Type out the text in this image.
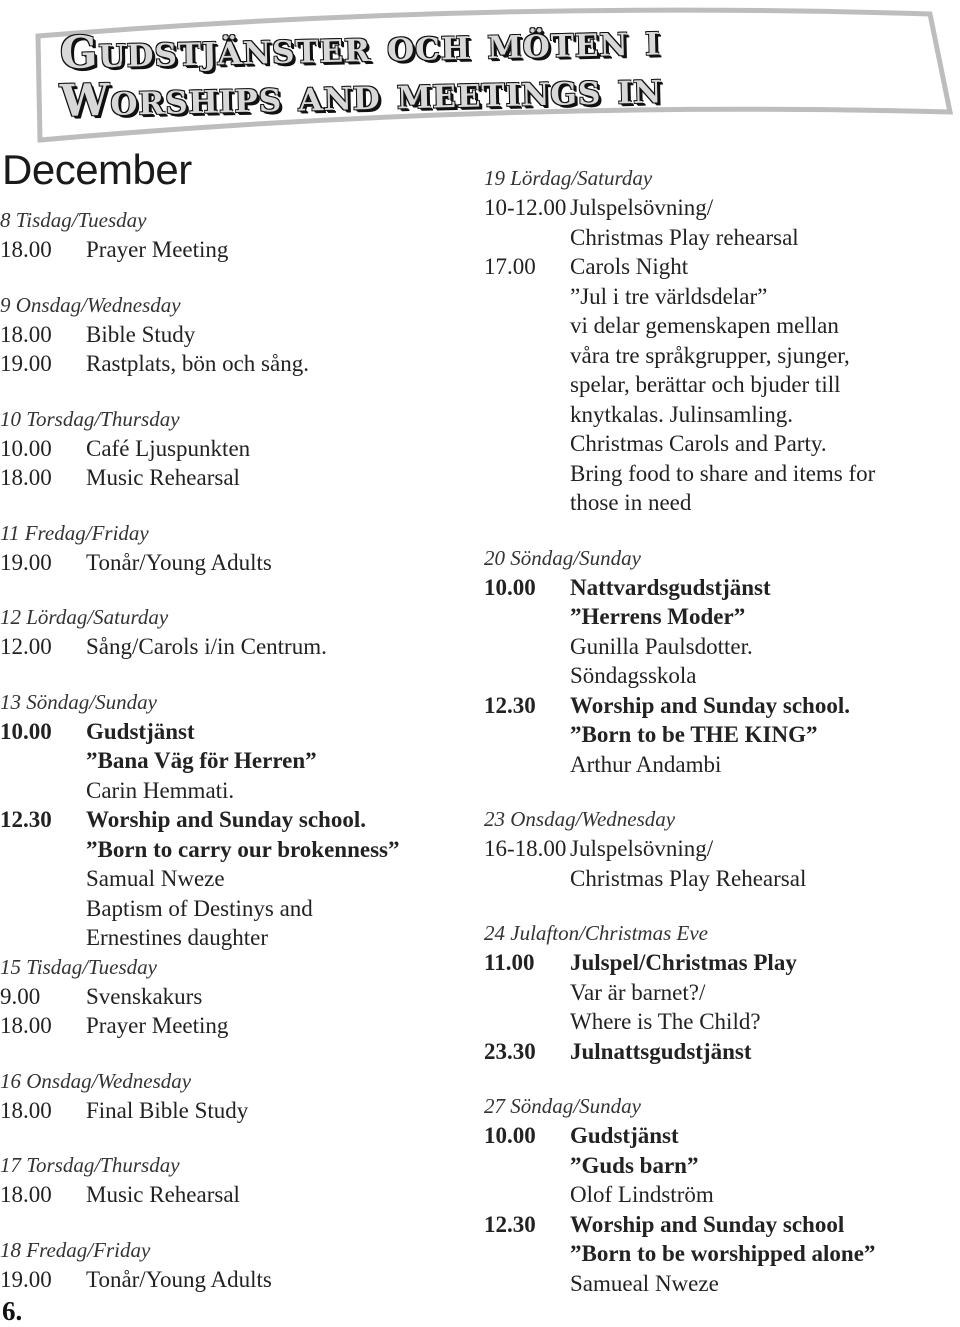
Gudstjänster och möten i
Worships and meetings in
December
8 Tisdag/Tuesday
18.00	Prayer Meeting
9 Onsdag/Wednesday
18.00	Bible Study
19.00	Rastplats, bön och sång.
10 Torsdag/Thursday
10.00	Café Ljuspunkten
18.00	Music Rehearsal
11 Fredag/Friday
19.00	Tonår/Young Adults
12 Lördag/Saturday
12.00	Sång/Carols i/in Centrum.
13 Söndag/Sunday
10.00	Gudstjänst
”Bana Väg för Herren”
Carin Hemmati.
12.30	Worship and Sunday school.
”Born to carry our brokenness”
Samual Nweze
Baptism of Destinys and
Ernestines daughter
15 Tisdag/Tuesday
9.00	Svenskakurs
18.00	Prayer Meeting
16 Onsdag/Wednesday
18.00	Final Bible Study
17 Torsdag/Thursday
18.00	Music Rehearsal
18 Fredag/Friday
19.00	Tonår/Young Adults
19 Lördag/Saturday
10-12.00 Julspelsövning/
Christmas Play rehearsal
17.00	Carols Night
”Jul i tre världsdelar”
vi delar gemenskapen mellan
våra tre språkgrupper, sjunger,
spelar, berättar och bjuder till
knytkalas. Julinsamling.
Christmas Carols and Party.
Bring food to share and items for
those in need
20 Söndag/Sunday
10.00	Nattvardsgudstjänst
”Herrens Moder”
Gunilla Paulsdotter.
Söndagsskola
12.30	Worship and Sunday school.
”Born to be THE KING”
Arthur Andambi
23 Onsdag/Wednesday
16-18.00 Julspelsövning/
Christmas Play Rehearsal
24 Julafton/Christmas Eve
11.00	Julspel/Christmas Play
Var är barnet?/
Where is The Child?
23.30	Julnattsgudstjänst
27 Söndag/Sunday
10.00	Gudstjänst
”Guds barn”
Olof Lindström
12.30	Worship and Sunday school
”Born to be worshipped alone”
Samueal Nweze
6.
